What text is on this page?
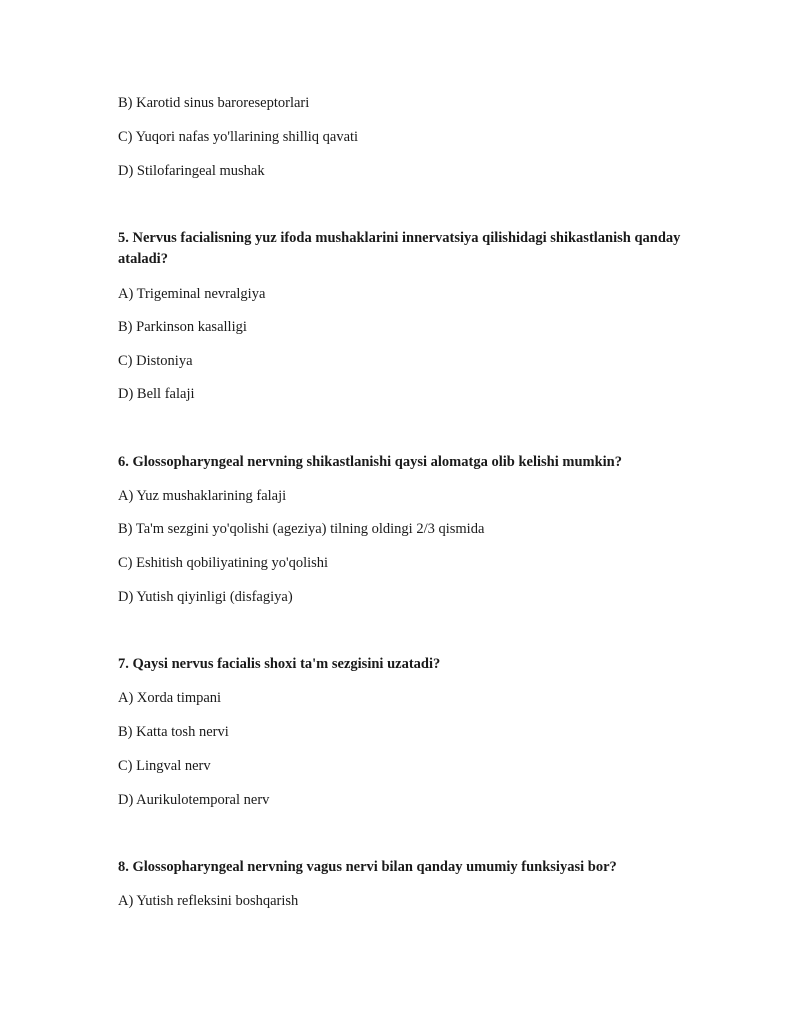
B) Karotid sinus baroreseptorlari
C) Yuqori nafas yo'llarining shilliq qavati
D) Stilofaringeal mushak
5. Nervus facialisning yuz ifoda mushaklarini innervatsiya qilishidagi shikastlanish qanday ataladi?
A) Trigeminal nevralgiya
B) Parkinson kasalligi
C) Distoniya
D) Bell falaji
6. Glossopharyngeal nervning shikastlanishi qaysi alomatga olib kelishi mumkin?
A) Yuz mushaklarining falaji
B) Ta'm sezgini yo'qolishi (ageziya) tilning oldingi 2/3 qismida
C) Eshitish qobiliyatining yo'qolishi
D) Yutish qiyinligi (disfagiya)
7. Qaysi nervus facialis shoxi ta'm sezgisini uzatadi?
A) Xorda timpani
B) Katta tosh nervi
C) Lingval nerv
D) Aurikulotemporal nerv
8. Glossopharyngeal nervning vagus nervi bilan qanday umumiy funksiyasi bor?
A) Yutish refleksini boshqarish
